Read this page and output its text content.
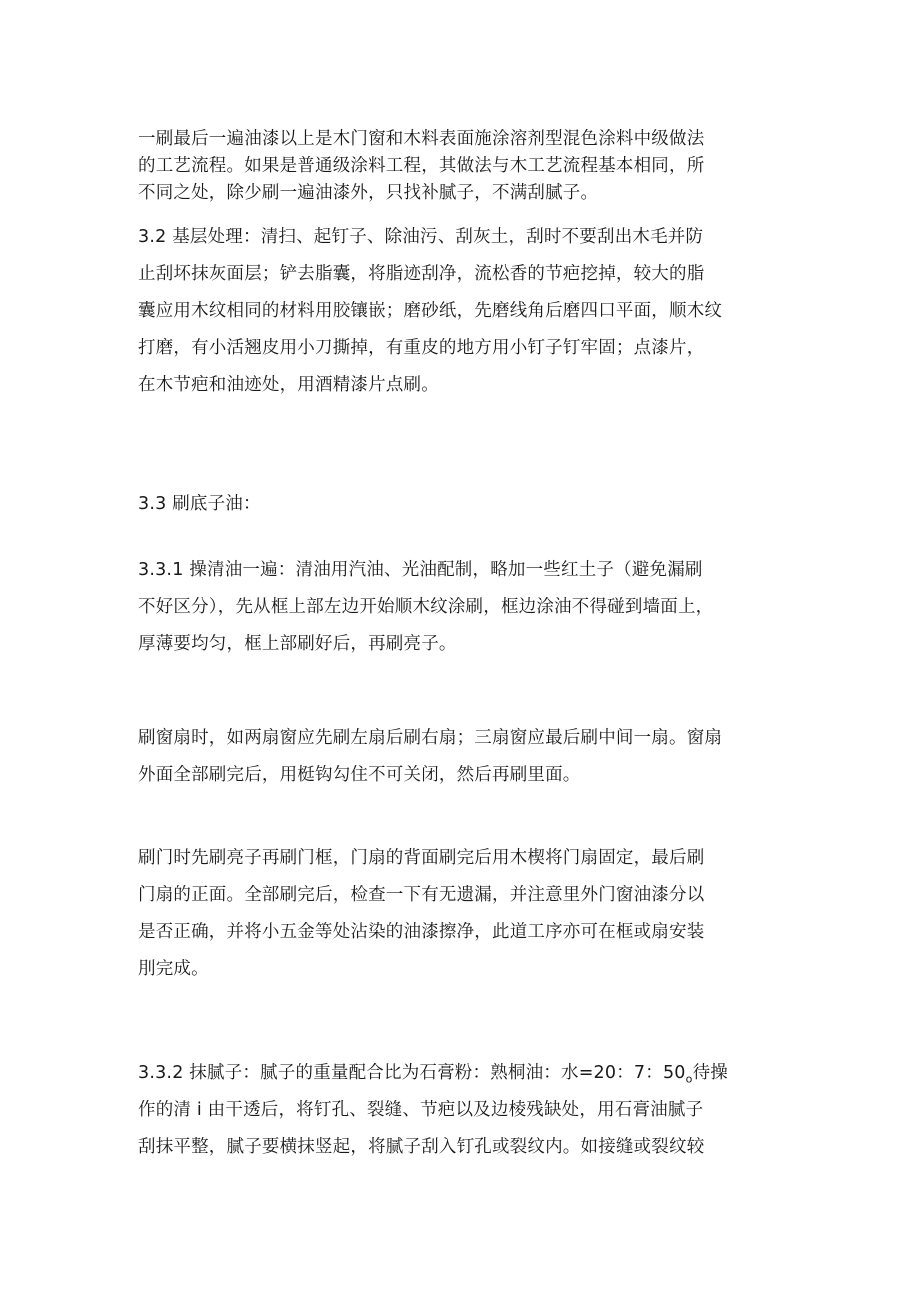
一刷最后一遍油漆以上是木门窗和木料表面施涂溶剂型混色涂料中级做法
的工艺流程。如果是普通级涂料工程，其做法与木工艺流程基本相同，所
不同之处，除少刷一遍油漆外，只找补腻子，不满刮腻子。
3.2 基层处理：清扫、起钉子、除油污、刮灰土，刮时不要刮出木毛并防
止刮坏抹灰面层；铲去脂囊，将脂迹刮净，流松香的节疤挖掉，较大的脂
囊应用木纹相同的材料用胶镶嵌；磨砂纸，先磨线角后磨四口平面，顺木纹
打磨，有小活翘皮用小刀撕掉，有重皮的地方用小钉子钉牢固；点漆片，
在木节疤和油迹处，用酒精漆片点刷。
3.3 刷底子油：
3.3.1 操清油一遍：清油用汽油、光油配制，略加一些红土子（避免漏刷
不好区分），先从框上部左边开始顺木纹涂刷，框边涂油不得碰到墙面上，
厚薄要均匀，框上部刷好后，再刷亮子。
刷窗扇时，如两扇窗应先刷左扇后刷右扇；三扇窗应最后刷中间一扇。窗扇
外面全部刷完后，用梃钩勾住不可关闭，然后再刷里面。
刷门时先刷亮子再刷门框，门扇的背面刷完后用木楔将门扇固定，最后刷
门扇的正面。全部刷完后，检查一下有无遗漏，并注意里外门窗油漆分以
是否正确，并将小五金等处沾染的油漆擦净，此道工序亦可在框或扇安装
刖完成。
3.3.2 抹腻子：腻子的重量配合比为石膏粉：熟桐油：水=20：7：$50_o$待操
作的清 i 由干透后，将钉孔、裂缝、节疤以及边棱残缺处，用石膏油腻子
刮抹平整，腻子要横抹竖起，将腻子刮入钉孔或裂纹内。如接缝或裂纹较
